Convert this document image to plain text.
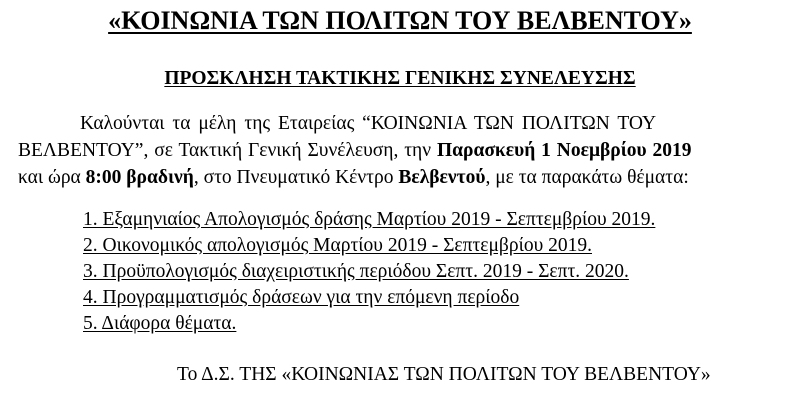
«ΚΟΙΝΩΝΙΑ ΤΩΝ ΠΟΛΙΤΩΝ ΤΟΥ ΒΕΛΒΕΝΤΟΥ»
ΠΡΟΣΚΛΗΣΗ ΤΑΚΤΙΚΗΣ ΓΕΝΙΚΗΣ ΣΥΝΕΛΕΥΣΗΣ
Καλούνται τα μέλη της Εταιρείας “ΚΟΙΝΩΝΙΑ ΤΩΝ ΠΟΛΙΤΩΝ ΤΟΥ
ΒΕΛΒΕΝΤΟΥ”, σε Τακτική Γενική Συνέλευση, την Παρασκευή 1 Νοεμβρίου 2019
και ώρα 8:00 βραδινή, στο Πνευματικό Κέντρο Βελβεντού, με τα παρακάτω θέματα:
1. Εξαμηνιαίος Απολογισμός δράσης Μαρτίου 2019 - Σεπτεμβρίου 2019.
2. Οικονομικός απολογισμός Μαρτίου 2019 - Σεπτεμβρίου 2019.
3. Προϋπολογισμός διαχειριστικής περιόδου Σεπτ. 2019 - Σεπτ. 2020.
4. Προγραμματισμός δράσεων για την επόμενη περίοδο
5. Διάφορα θέματα.
Το Δ.Σ. ΤΗΣ «ΚΟΙΝΩΝΙΑΣ ΤΩΝ ΠΟΛΙΤΩΝ ΤΟΥ ΒΕΛΒΕΝΤΟΥ»
